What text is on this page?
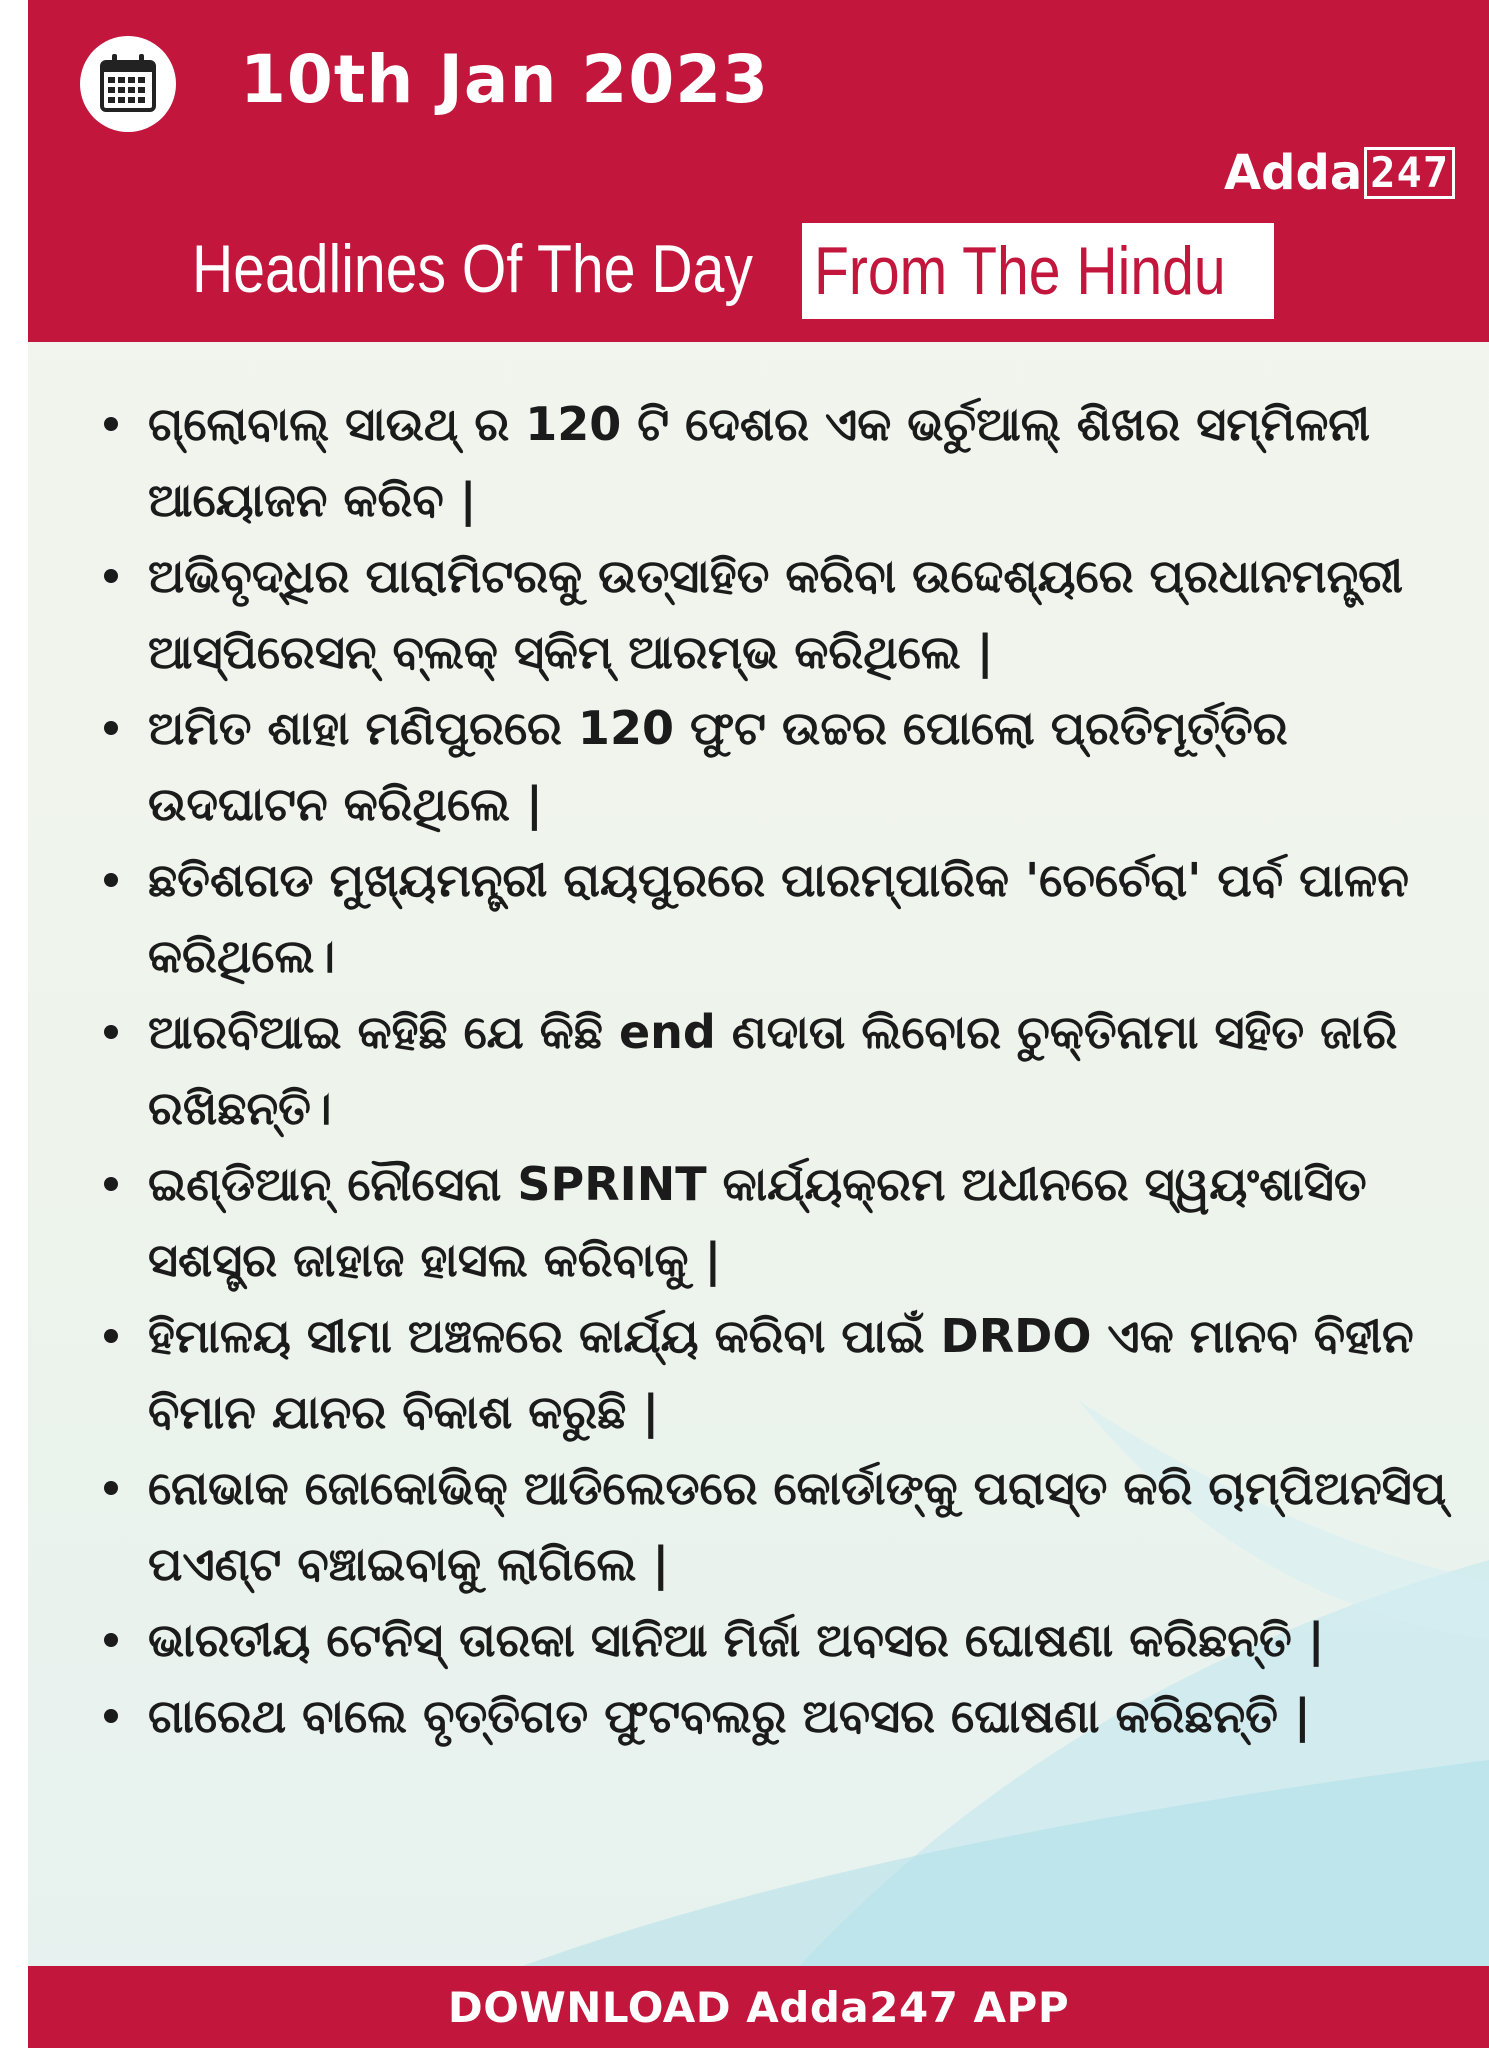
10th Jan 2023
Adda 247
Headlines Of The Day From The Hindu
ଗ୍ଲୋବାଲ୍ ସାଉଥ୍ ର 120 ଟି ଦେଶର ଏକ ଭର୍ଚୁଆଲ୍ ଶିଖର ସମ୍ମିଳନୀ ଆୟୋଜନ କରିବ |
ଅଭିବୃଦ୍ଧିର ପାରାମିଟରକୁ ଉତ୍ସାହିତ କରିବା ଉଦ୍ଦେଶ୍ୟରେ ପ୍ରଧାନମନ୍ତ୍ରୀ ଆସ୍ପିରେସନ୍ ବ୍ଲକ୍ ସ୍କିମ୍ ଆରମ୍ଭ କରିଥିଲେ |
ଅମିତ ଶାହା ମଣିପୁରରେ 120 ଫୁଟ ଉଚ୍ଚର ପୋଲୋ ପ୍ରତିମୂର୍ତ୍ତିର ଉଦଘାଟନ କରିଥିଲେ |
ଛତିଶଗଡ ମୁଖ୍ୟମନ୍ତ୍ରୀ ରାୟପୁରରେ ପାରମ୍ପାରିକ 'ଚେର୍ଚେରା' ପର୍ବ ପାଳନ କରିଥିଲେ।
ଆରବିଆଇ କହିଛି ଯେ କିଛି end ଣଦାତା ଲିବୋର ଚୁକ୍ତିନାମା ସହିତ ଜାରି ରଖିଛନ୍ତି।
ଇଣ୍ଡିଆନ୍ ନୌସେନା SPRINT କାର୍ଯ୍ୟକ୍ରମ ଅଧୀନରେ ସ୍ୱୟଂଶାସିତ ସଶସ୍ତ୍ର ଜାହାଜ ହାସଲ କରିବାକୁ |
ହିମାଳୟ ସୀମା ଅଞ୍ଚଳରେ କାର୍ଯ୍ୟ କରିବା ପାଇଁ DRDO ଏକ ମାନବ ବିହୀନ ବିମାନ ଯାନର ବିକାଶ କରୁଛି |
ନୋଭାକ ଜୋକୋଭିକ୍ ଆଡିଲେଡରେ କୋର୍ଡାଙ୍କୁ ପରାସ୍ତ କରି ଚାମ୍ପିଅନସିପ୍ ପଏଣ୍ଟ ବଞ୍ଚାଇବାକୁ ଲାଗିଲେ |
ଭାରତୀୟ ଟେନିସ୍ ତାରକା ସାନିଆ ମିର୍ଜା ଅବସର ଘୋଷଣା କରିଛନ୍ତି |
ଗାରେଥ ବାଲେ ବୃତ୍ତିଗତ ଫୁଟବଲରୁ ଅବସର ଘୋଷଣା କରିଛନ୍ତି |
DOWNLOAD Adda247 APP
